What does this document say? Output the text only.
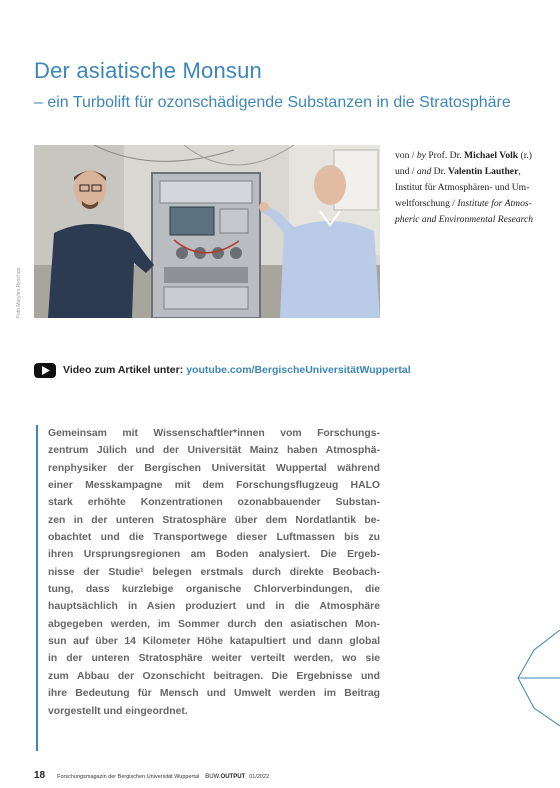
Der asiatische Monsun
– ein Turbolift für ozonschädigende Substanzen in die Stratosphäre
Foto Marylen Reschop
von / by Prof. Dr. Michael Volk (r.)
und / and Dr. Valentin Lauther,
Institut für Atmosphären- und Um-
weltforschung / Institute for Atmos-
pheric and Environmental Research
Video zum Artikel unter: youtube.com/BergischeUniversitätWuppertal
Gemeinsam mit Wissenschaftler*innen vom Forschungs-
zentrum Jülich und der Universität Mainz haben Atmosphä-
renphysiker der Bergischen Universität Wuppertal während
einer Messkampagne mit dem Forschungsflugzeug HALO
stark erhöhte Konzentrationen ozonabbauender Substan-
zen in der unteren Stratosphäre über dem Nordatlantik be-
obachtet und die Transportwege dieser Luftmassen bis zu
ihren Ursprungsregionen am Boden analysiert. Die Ergeb-
nisse der Studie¹ belegen erstmals durch direkte Beobach-
tung, dass kurzlebige organische Chlorverbindungen, die
hauptsächlich in Asien produziert und in die Atmosphäre
abgegeben werden, im Sommer durch den asiatischen Mon-
sun auf über 14 Kilometer Höhe katapultiert und dann global
in der unteren Stratosphäre weiter verteilt werden, wo sie
zum Abbau der Ozonschicht beitragen. Die Ergebnisse und
ihre Bedeutung für Mensch und Umwelt werden im Beitrag
vorgestellt und eingeordnet.
18 Forschungsmagazin der Bergischen Universität Wuppertal BUW.OUTPUT 01/2022
